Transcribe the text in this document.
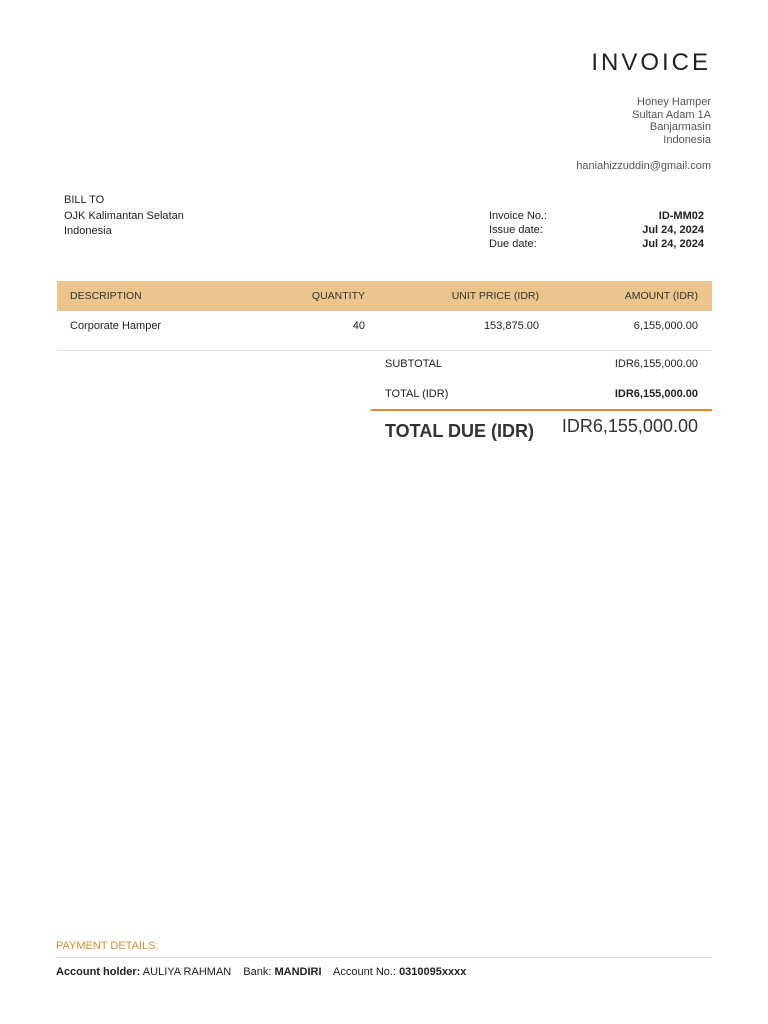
INVOICE
Honey Hamper
Sultan Adam 1A
Banjarmasin
Indonesia
haniahizzuddin@gmail.com
BILL TO
OJK Kalimantan Selatan
Indonesia
Invoice No.:	ID-MM02
Issue date:	Jul 24, 2024
Due date:	Jul 24, 2024
DESCRIPTION	QUANTITY	UNIT PRICE (IDR)	AMOUNT (IDR)
Corporate Hamper	40	153,875.00	6,155,000.00
SUBTOTAL	IDR6,155,000.00
TOTAL (IDR)	IDR6,155,000.00
TOTAL DUE (IDR) IDR6,155,000.00
PAYMENT DETAILS:
Account holder: AULIYA RAHMAN Bank: MANDIRI Account No.: 0310095xxxx
